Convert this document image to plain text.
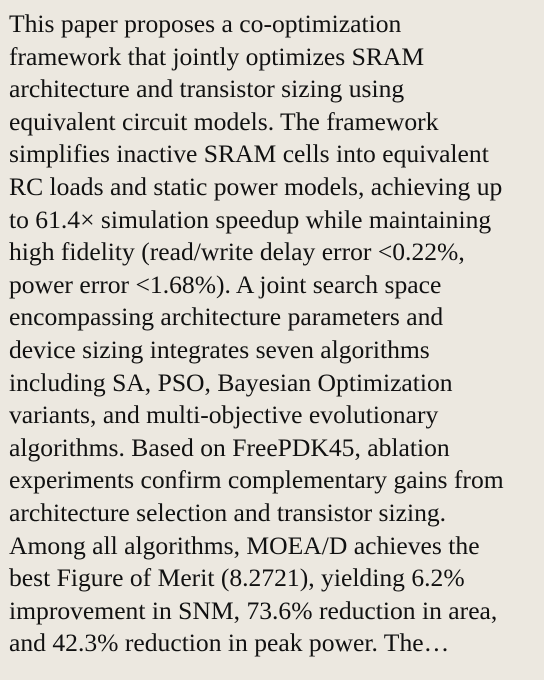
This paper proposes a co-optimization
framework that jointly optimizes SRAM
architecture and transistor sizing using
equivalent circuit models. The framework
simplifies inactive SRAM cells into equivalent
RC loads and static power models, achieving up
to 61.4× simulation speedup while maintaining
high fidelity (read/write delay error <0.22%,
power error <1.68%). A joint search space
encompassing architecture parameters and
device sizing integrates seven algorithms
including SA, PSO, Bayesian Optimization
variants, and multi-objective evolutionary
algorithms. Based on FreePDK45, ablation
experiments confirm complementary gains from
architecture selection and transistor sizing.
Among all algorithms, MOEA/D achieves the
best Figure of Merit (8.2721), yielding 6.2%
improvement in SNM, 73.6% reduction in area,
and 42.3% reduction in peak power. The…
